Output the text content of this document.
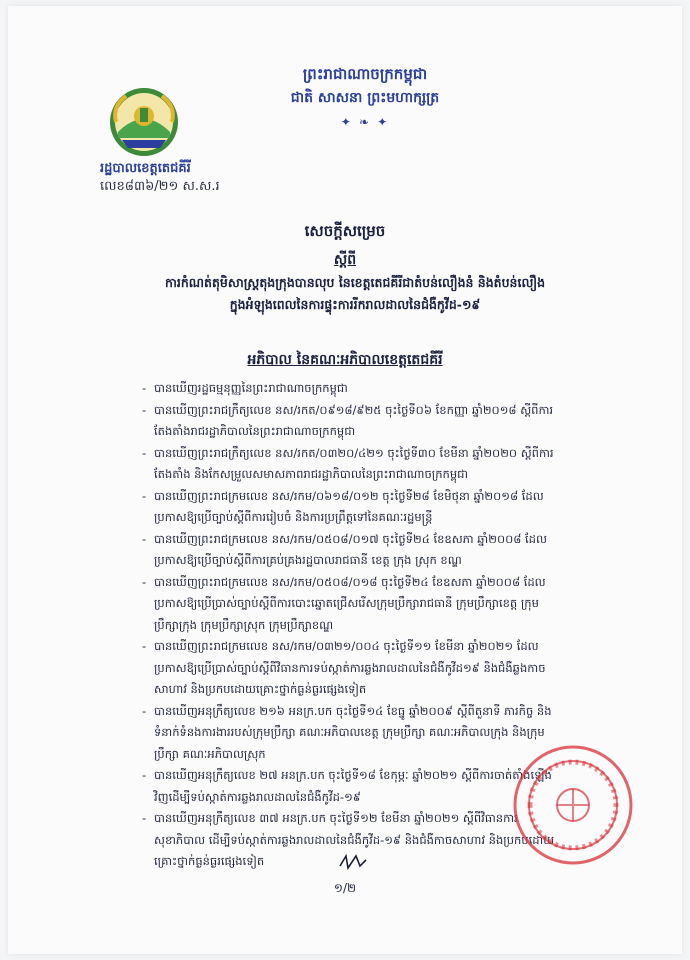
ព្រះរាជាណាចក្រកម្ពុជា
ជាតិ សាសនា ព្រះមហាក្សត្រ
✦ ❧ ✦
រដ្ឋបាលខេត្តតេជគីរី
លេខ៨៣៦/២១ ស.ស.រ
សេចក្តីសម្រេច
ស្តីពី
ការកំណត់តុមិសាស្ត្រតុងក្រុងបានលុប នៃខេត្តតេជគីរីជាតំបន់លឿងនំ និងតំបន់លឿង
ក្នុងអំឡុងពេលនៃការផ្ទុះការរីករាលដាលនៃជំងឺកូវីដ-១៩
អភិបាល នៃគណៈអភិបាលខេត្តតេជគីរី
- បានឃើញរដ្ឋធម្មនុញ្ញនៃព្រះរាជាណាចក្រកម្ពុជា
- បានឃើញព្រះរាជក្រឹត្យលេខ នស/រកត/០៩១៨/៩២៥ ចុះថ្ងៃទី០៦ ខែកញ្ញា ឆ្នាំ២០១៨ ស្តីពីការតែងតាំងរាជរដ្ឋាភិបាលនៃព្រះរាជាណាចក្រកម្ពុជា
- បានឃើញព្រះរាជក្រឹត្យលេខ នស/រកត/០៣២០/៤២១ ចុះថ្ងៃទី៣០ ខែមីនា ឆ្នាំ២០២០ ស្តីពីការតែងតាំង និងកែសម្រួលសមាសភាពរាជរដ្ឋាភិបាលនៃព្រះរាជាណាចក្រកម្ពុជា
- បានឃើញព្រះរាជក្រមលេខ នស/រកម/០៦១៨/០១២ ចុះថ្ងៃទី២៨ ខែមិថុនា ឆ្នាំ២០១៨ ដែលប្រកាសឱ្យប្រើច្បាប់ស្តីពីការរៀបចំ និងការប្រព្រឹត្តទៅនៃគណៈរដ្ឋមន្ត្រី
- បានឃើញព្រះរាជក្រមលេខ នស/រកម/០៥០៨/០១៧ ចុះថ្ងៃទី២៤ ខែឧសភា ឆ្នាំ២០០៨ ដែលប្រកាសឱ្យប្រើច្បាប់ស្តីពីការគ្រប់គ្រងរដ្ឋបាលរាជធានី ខេត្ត ក្រុង ស្រុក ខណ្ឌ
- បានឃើញព្រះរាជក្រមលេខ នស/រកម/០៥០៨/០១៨ ចុះថ្ងៃទី២៤ ខែឧសភា ឆ្នាំ២០០៨ ដែលប្រកាសឱ្យប្រើប្រាស់ច្បាប់ស្តីពីការបោះឆ្នោតជ្រើសរើសក្រុមប្រឹក្សារាជធានី ក្រុមប្រឹក្សាខេត្ត ក្រុមប្រឹក្សាក្រុង ក្រុមប្រឹក្សាស្រុក ក្រុមប្រឹក្សាខណ្ឌ
- បានឃើញព្រះរាជក្រមលេខ នស/រកម/០៣២១/០០៤ ចុះថ្ងៃទី១១ ខែមីនា ឆ្នាំ២០២១ ដែលប្រកាសឱ្យប្រើប្រាស់ច្បាប់ស្តីពីវិធានការទប់ស្កាត់ការឆ្លងរាលដាលនៃជំងឺកូវីដ១៩ និងជំងឺឆ្លងកាចសាហាវ និងប្រកបដោយគ្រោះថ្នាក់ធ្ងន់ធ្ងរផ្សេងទៀត
- បានឃើញអនុក្រឹត្យលេខ ២១៦ អនក្រ.បក ចុះថ្ងៃទី១៤ ខែធ្នូ ឆ្នាំ២០០៩ ស្តីពីតួនាទី ភារកិច្ច និងទំនាក់ទំនងការងាររបស់ក្រុមប្រឹក្សា គណៈអភិបាលខេត្ត ក្រុមប្រឹក្សា គណៈអភិបាលក្រុង និងក្រុមប្រឹក្សា គណៈអភិបាលស្រុក
- បានឃើញអនុក្រឹត្យលេខ ២៧ អនក្រ.បក ចុះថ្ងៃទី១៨ ខែកុម្ភៈ ឆ្នាំ២០២១ ស្តីពីការចាត់តាំងឡើងវិញដើម្បីទប់ស្កាត់ការឆ្លងរាលដាលនៃជំងឺកូវីដ-១៩
- បានឃើញអនុក្រឹត្យលេខ ៣៧ អនក្រ.បក ចុះថ្ងៃទី១២ ខែមីនា ឆ្នាំ២០២១ ស្តីពីវិធានការសុខាភិបាល ដើម្បីទប់ស្កាត់ការឆ្លងរាលដាលនៃជំងឺកូវីដ-១៩ និងជំងឺកាចសាហាវ និងប្រកបដោយគ្រោះថ្នាក់ធ្ងន់ធ្ងរផ្សេងទៀត
១/២
